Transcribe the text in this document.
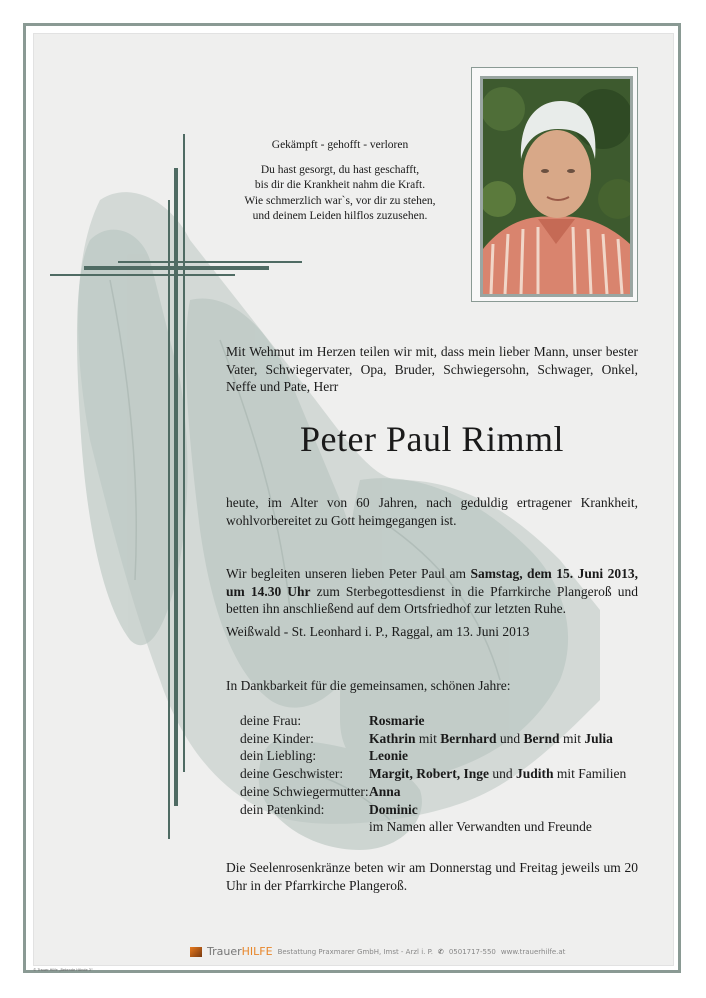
Gekämpft - gehofft - verloren
Du hast gesorgt, du hast geschafft,
bis dir die Krankheit nahm die Kraft.
Wie schmerzlich war`s, vor dir zu stehen,
und deinem Leiden hilflos zuzusehen.
Mit Wehmut im Herzen teilen wir mit, dass mein lieber Mann, unser bester Vater, Schwiegervater, Opa, Bruder, Schwiegersohn, Schwager, Onkel, Neffe und Pate, Herr
Peter Paul Rimml
heute, im Alter von 60 Jahren, nach geduldig ertragener Krankheit, wohlvorbereitet zu Gott heimgegangen ist.
Wir begleiten unseren lieben Peter Paul am Samstag, dem 15. Juni 2013, um 14.30 Uhr zum Sterbegottesdienst in die Pfarrkirche Plangeroß und betten ihn anschließend auf dem Ortsfriedhof zur letzten Ruhe.
Weißwald - St. Leonhard i. P., Raggal, am 13. Juni 2013
In Dankbarkeit für die gemeinsamen, schönen Jahre:
deine Frau:	Rosmarie
deine Kinder:	Kathrin mit Bernhard und Bernd mit Julia
dein Liebling:	Leonie
deine Geschwister:	Margit, Robert, Inge und Judith mit Familien
deine Schwiegermutter: Anna
dein Patenkind:	Dominic
im Namen aller Verwandten und Freunde
Die Seelenrosenkränze beten wir am Donnerstag und Freitag jeweils um 20 Uhr in der Pfarrkirche Plangeroß.
TrauerHILFE Bestattung Praxmarer GmbH, Imst - Arzl i. P. ✆ 0501717-550 www.trauerhilfe.at
© Trauer Hilfe „Betende Hände 3"
